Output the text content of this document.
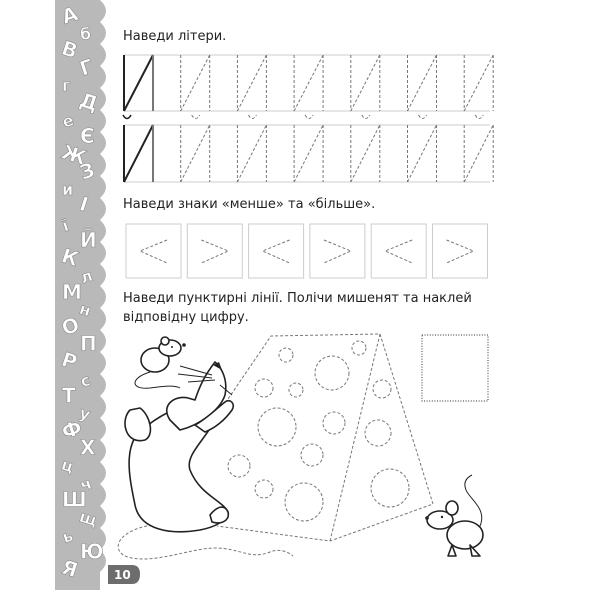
А
б
В
Г
г
Д
е
Є
Ж
З
и
І
ї
Й
К
л
М
н
О
П
Р
с
Т
у
Ф
Х
ц
ч
Ш
щ
ь
Ю
Я
Наведи літери.
Наведи знаки «менше» та «більше».
Наведи пунктирні лінії. Полічи мишенят та наклей
відповідну цифру.
10
